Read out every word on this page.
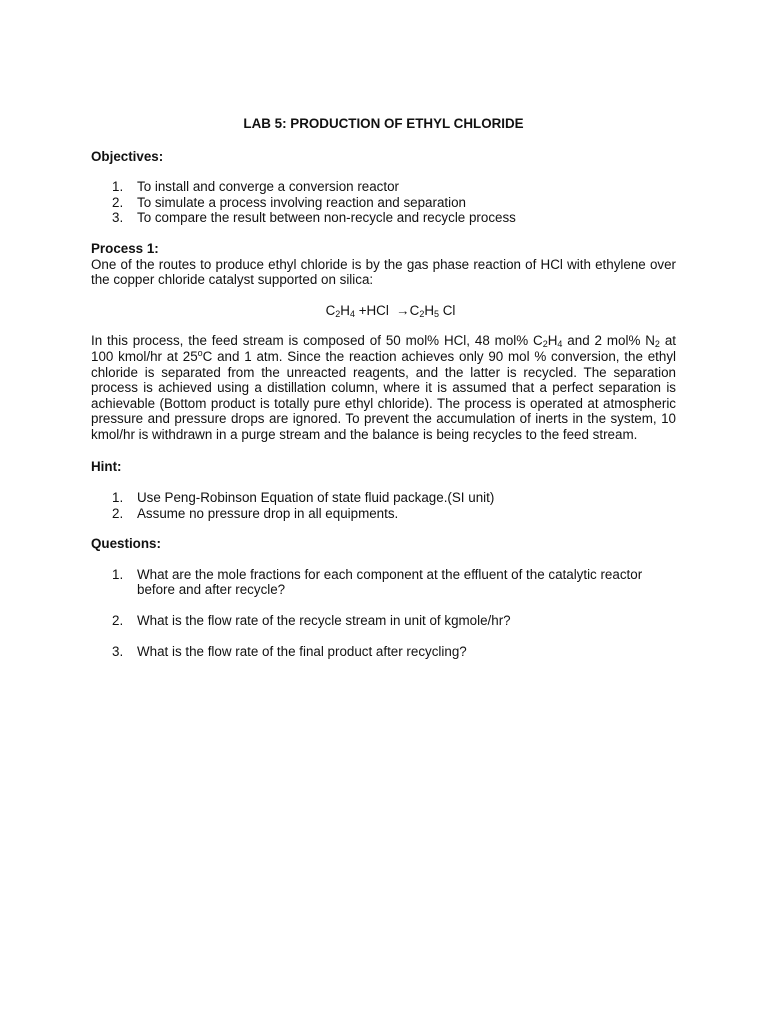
LAB 5: PRODUCTION OF ETHYL CHLORIDE
Objectives:
1. To install and converge a conversion reactor
2. To simulate a process involving reaction and separation
3. To compare the result between non-recycle and recycle process
Process 1:

One of the routes to produce ethyl chloride is by the gas phase reaction of HCl with ethylene over the copper chloride catalyst supported on silica:

$C_2H_4 +HCl \to C_2H_5$ Cl

In this process, the feed stream is composed of 50 mol% HCl, 48 mol% $C_2H_4$ and 2 mol% $N_2$ at 100 kmol/hr at 25$^o$C and 1 atm. Since the reaction achieves only 90 mol % conversion, the ethyl chloride is separated from the unreacted reagents, and the latter is recycled. The separation process is achieved using a distillation column, where it is assumed that a perfect separation is achievable (Bottom product is totally pure ethyl chloride). The process is operated at atmospheric pressure and pressure drops are ignored. To prevent the accumulation of inerts in the system, 10 kmol/hr is withdrawn in a purge stream and the balance is being recycles to the feed stream.

Hint:
1. Use Peng-Robinson Equation of state fluid package.(SI unit)
2. Assume no pressure drop in all equipments.
Questions:
1. What are the mole fractions for each component at the effluent of the catalytic reactor before and after recycle?
2. What is the flow rate of the recycle stream in unit of kgmole/hr?
3. What is the flow rate of the final product after recycling?
